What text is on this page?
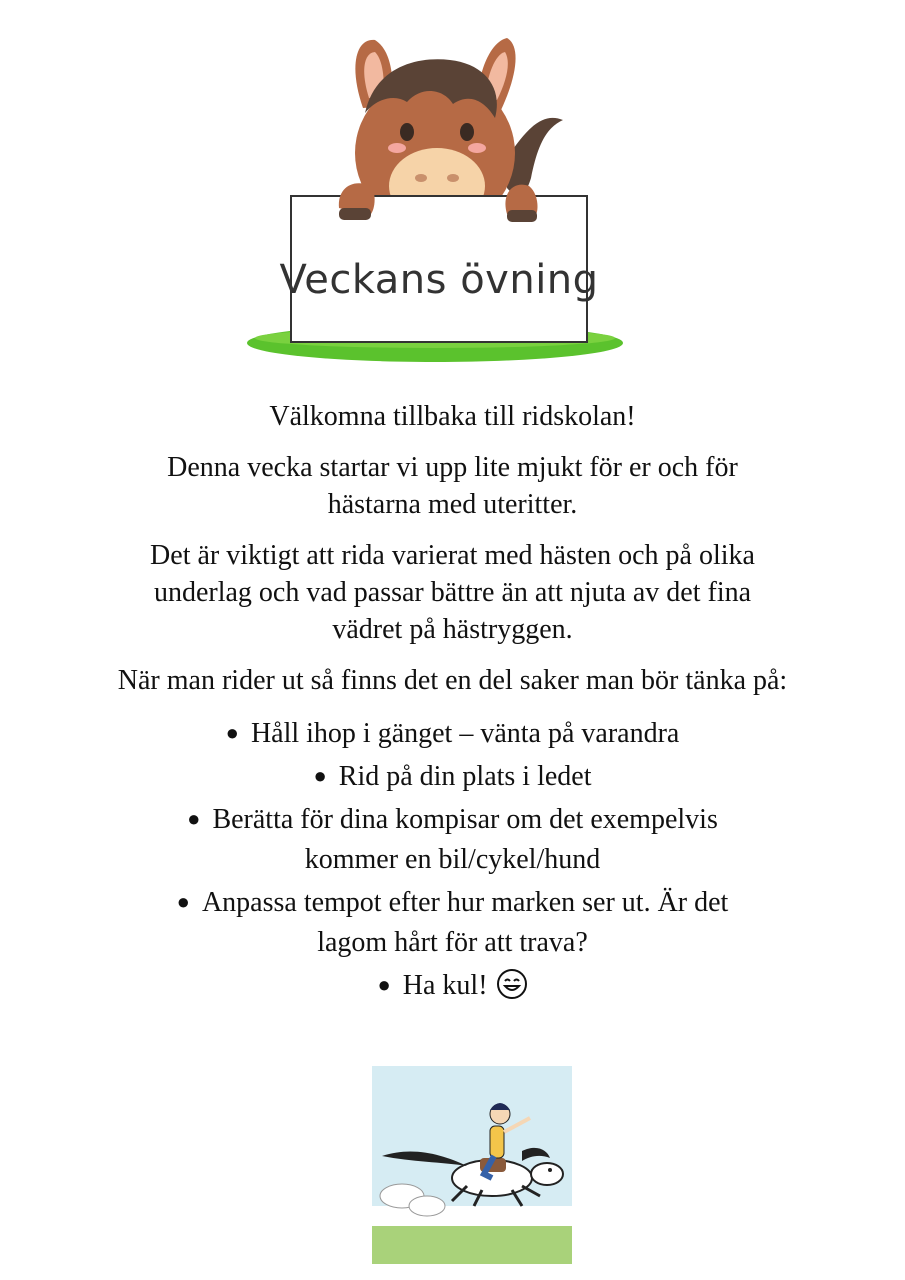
Veckans övning

Välkomna tillbaka till ridskolan!

Denna vecka startar vi upp lite mjukt för er och för hästarna med uteritter.

Det är viktigt att rida varierat med hästen och på olika underlag och vad passar bättre än att njuta av det fina vädret på hästryggen.

När man rider ut så finns det en del saker man bör tänka på:

● Håll ihop i gänget – vänta på varandra
● Rid på din plats i ledet
● Berätta för dina kompisar om det exempelvis kommer en bil/cykel/hund
● Anpassa tempot efter hur marken ser ut. Är det lagom hårt för att trava?
● Ha kul!
